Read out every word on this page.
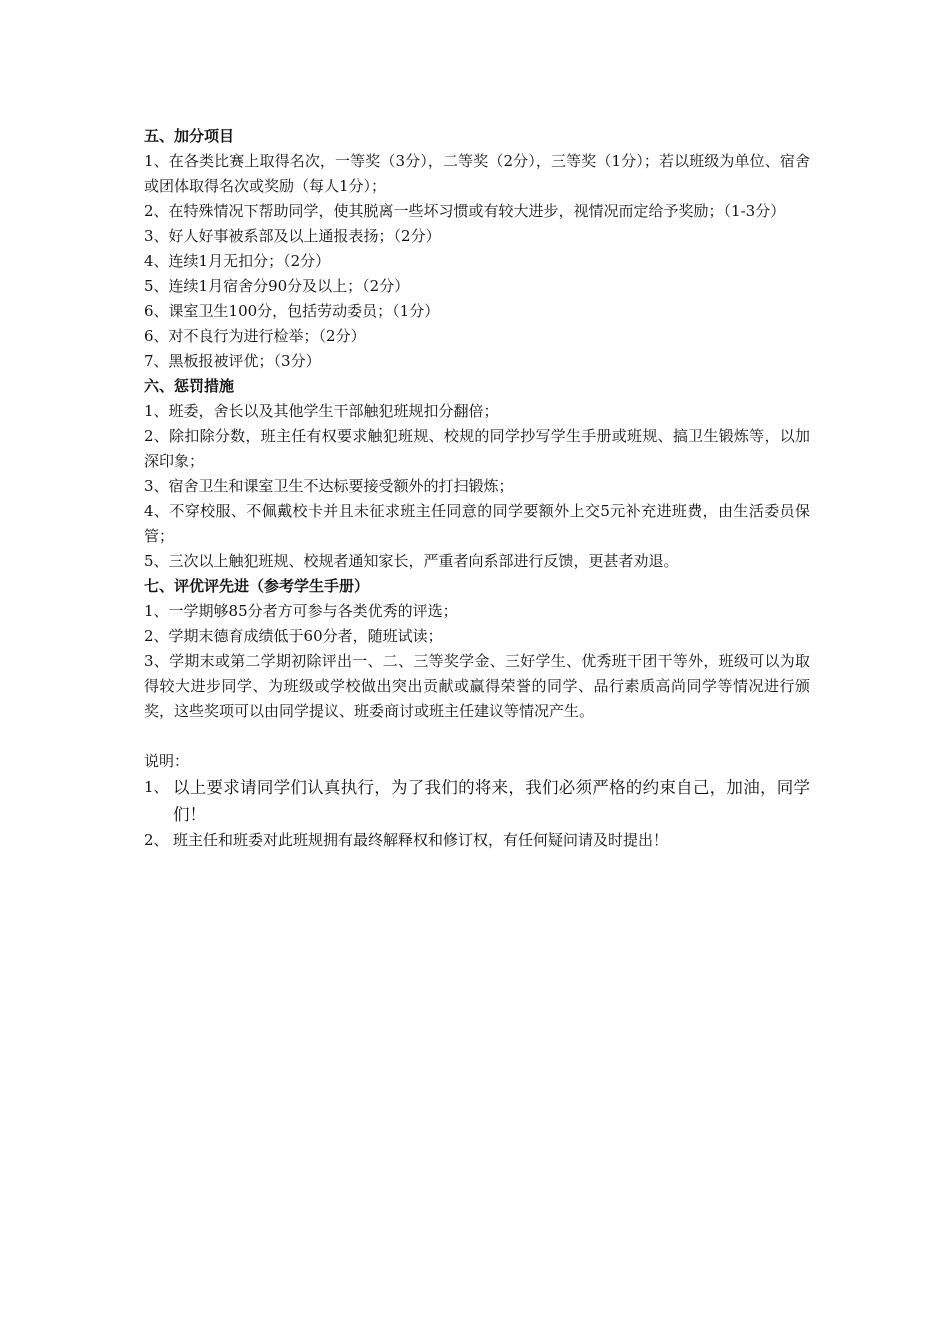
五、加分项目

1、在各类比赛上取得名次，一等奖（3分），二等奖（2分），三等奖（1分）；若以班级为单位、宿舍或团体取得名次或奖励（每人1分）；

2、在特殊情况下帮助同学，使其脱离一些坏习惯或有较大进步，视情况而定给予奖励；（1-3分）

3、好人好事被系部及以上通报表扬；（2分）

4、连续1月无扣分；（2分）

5、连续1月宿舍分90分及以上；（2分）

6、课室卫生100分，包括劳动委员；（1分）

6、对不良行为进行检举；（2分）

7、黑板报被评优；（3分）

六、惩罚措施

1、班委，舍长以及其他学生干部触犯班规扣分翻倍；

2、除扣除分数，班主任有权要求触犯班规、校规的同学抄写学生手册或班规、搞卫生锻炼等，以加深印象；

3、宿舍卫生和课室卫生不达标要接受额外的打扫锻炼；

4、不穿校服、不佩戴校卡并且未征求班主任同意的同学要额外上交5元补充进班费，由生活委员保管；

5、三次以上触犯班规、校规者通知家长，严重者向系部进行反馈，更甚者劝退。

七、评优评先进（参考学生手册）

1、一学期够85分者方可参与各类优秀的评选；

2、学期末德育成绩低于60分者，随班试读；

3、学期末或第二学期初除评出一、二、三等奖学金、三好学生、优秀班干团干等外，班级可以为取得较大进步同学、为班级或学校做出突出贡献或赢得荣誉的同学、品行素质高尚同学等情况进行颁奖，这些奖项可以由同学提议、班委商讨或班主任建议等情况产生。

说明：

1、 以上要求请同学们认真执行，为了我们的将来，我们必须严格的约束自己，加油，同学们！
2、 班主任和班委对此班规拥有最终解释权和修订权，有任何疑问请及时提出！
